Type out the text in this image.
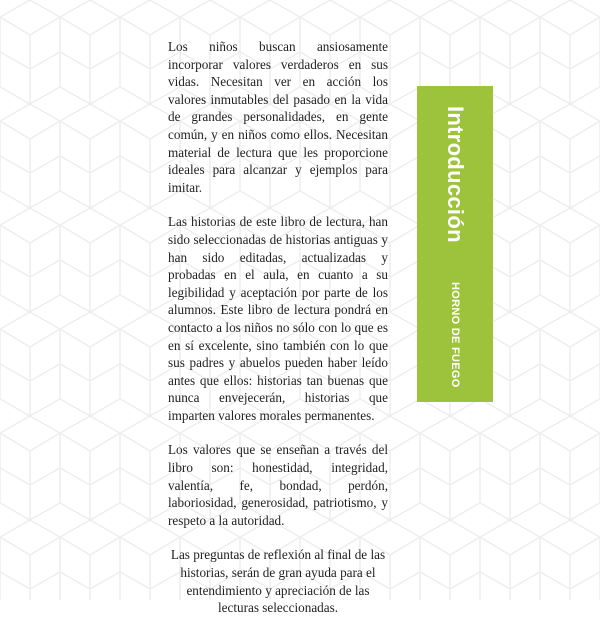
Los niños buscan ansiosamente incorporar valores verdaderos en sus vidas. Necesitan ver en acción los valores inmutables del pasado en la vida de grandes personalidades, en gente común, y en niños como ellos. Necesitan material de lectura que les proporcione ideales para alcanzar y ejemplos para imitar.

Las historias de este libro de lectura, han sido seleccionadas de historias antiguas y han sido editadas, actualizadas y probadas en el aula, en cuanto a su legibilidad y aceptación por parte de los alumnos. Este libro de lectura pondrá en contacto a los niños no sólo con lo que es en sí excelente, sino también con lo que sus padres y abuelos pueden haber leído antes que ellos: historias tan buenas que nunca envejecerán, historias que imparten valores morales permanentes.

Los valores que se enseñan a través del libro son: honestidad, integridad, valentía, fe, bondad, perdón, laboriosidad, generosidad, patriotismo, y respeto a la autoridad.

Las preguntas de reflexión al final de las historias, serán de gran ayuda para el entendimiento y apreciación de las lecturas seleccionadas.

Introducción
HORNO DE FUEGO
